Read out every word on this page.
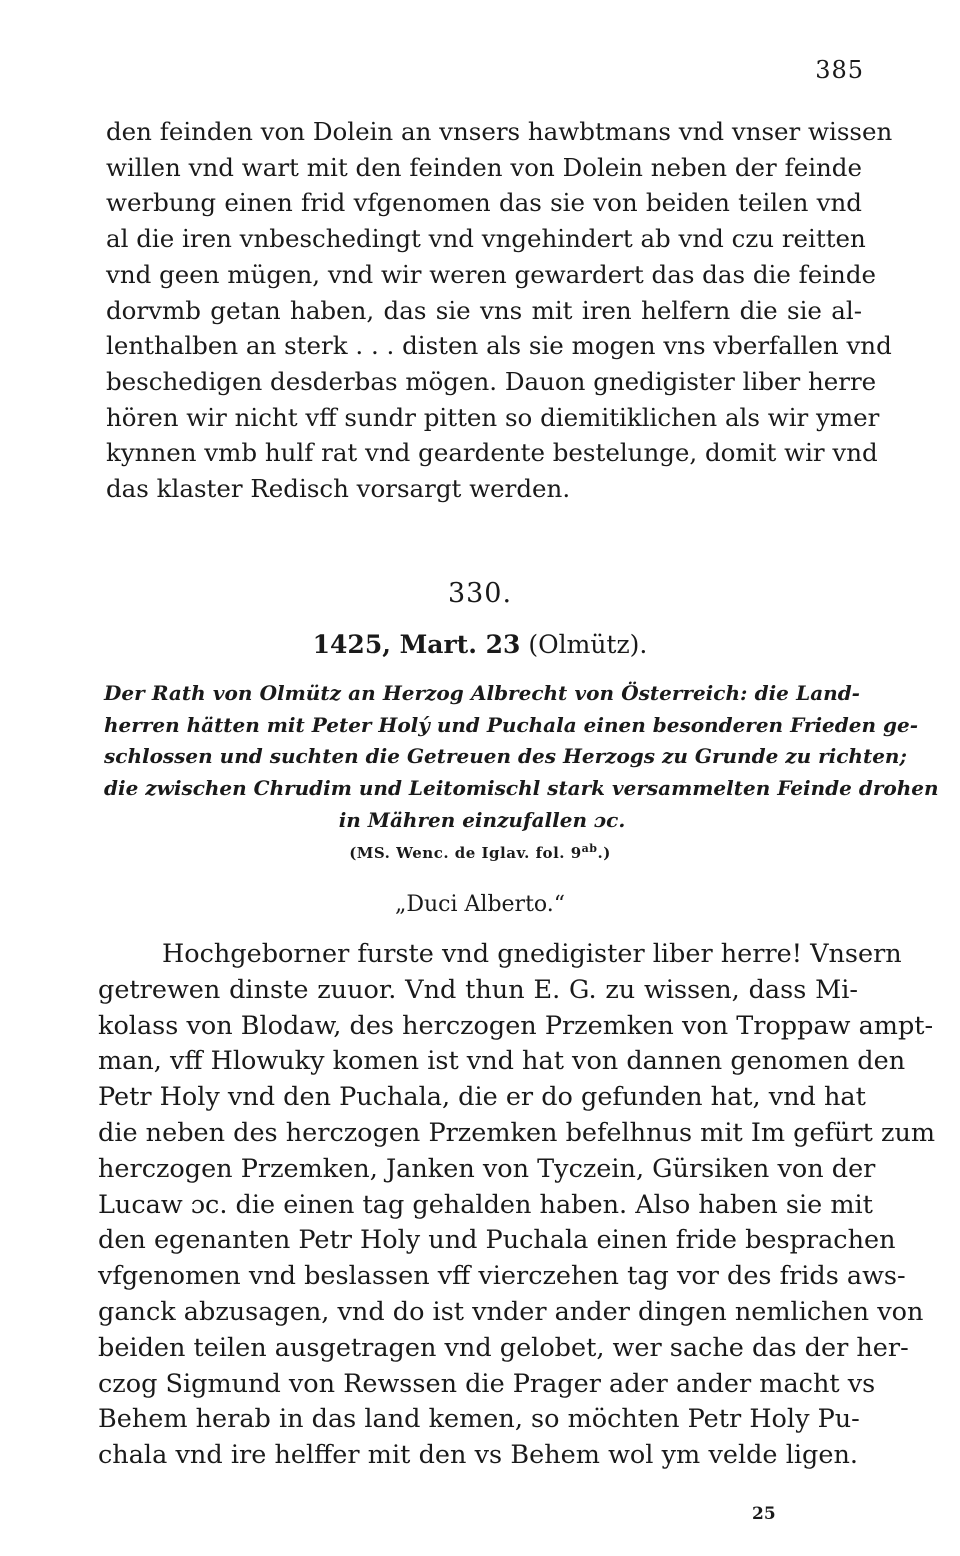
385
den feinden von Dolein an vnsers hawbtmans vnd vnser wissen
willen vnd wart mit den feinden von Dolein neben der feinde
werbung einen frid vfgenomen das sie von beiden teilen vnd
al die iren vnbeschedingt vnd vngehindert ab vnd czu reitten
vnd geen mügen, vnd wir weren gewardert das das die feinde
dorvmb getan haben, das sie vns mit iren helfern die sie al-
lenthalben an sterk . . . disten als sie mogen vns vberfallen vnd
beschedigen desderbas mögen. Dauon gnedigister liber herre
hören wir nicht vff sundr pitten so diemitiklichen als wir ymer
kynnen vmb hulf rat vnd geardente bestelunge, domit wir vnd
das klaster Redisch vorsargt werden.
330.
1425, Mart. 23 (Olmütz).
Der Rath von Olmütz an Herzog Albrecht von Österreich: die Land-
herren hätten mit Peter Holý und Puchala einen besonderen Frieden ge-
schlossen und suchten die Getreuen des Herzogs zu Grunde zu richten;
die zwischen Chrudim und Leitomischl stark versammelten Feinde drohen
in Mähren einzufallen ɔc.
(MS. Wenc. de Iglav. fol. $9^{ab}$.)
„Duci Alberto.“
Hochgeborner furste vnd gnedigister liber herre! Vnsern
getrewen dinste zuuor. Vnd thun E. G. zu wissen, dass Mi-
kolass von Blodaw, des herczogen Przemken von Troppaw ampt-
man, vff Hlowuky komen ist vnd hat von dannen genomen den
Petr Holy vnd den Puchala, die er do gefunden hat, vnd hat
die neben des herczogen Przemken befelhnus mit Im gefürt zum
herczogen Przemken, Janken von Tyczein, Gürsiken von der
Lucaw ɔc. die einen tag gehalden haben. Also haben sie mit
den egenanten Petr Holy und Puchala einen fride besprachen
vfgenomen vnd beslassen vff vierczehen tag vor des frids aws-
ganck abzusagen, vnd do ist vnder ander dingen nemlichen von
beiden teilen ausgetragen vnd gelobet, wer sache das der her-
czog Sigmund von Rewssen die Prager ader ander macht vs
Behem herab in das land kemen, so möchten Petr Holy Pu-
chala vnd ire helffer mit den vs Behem wol ym velde ligen.
25
